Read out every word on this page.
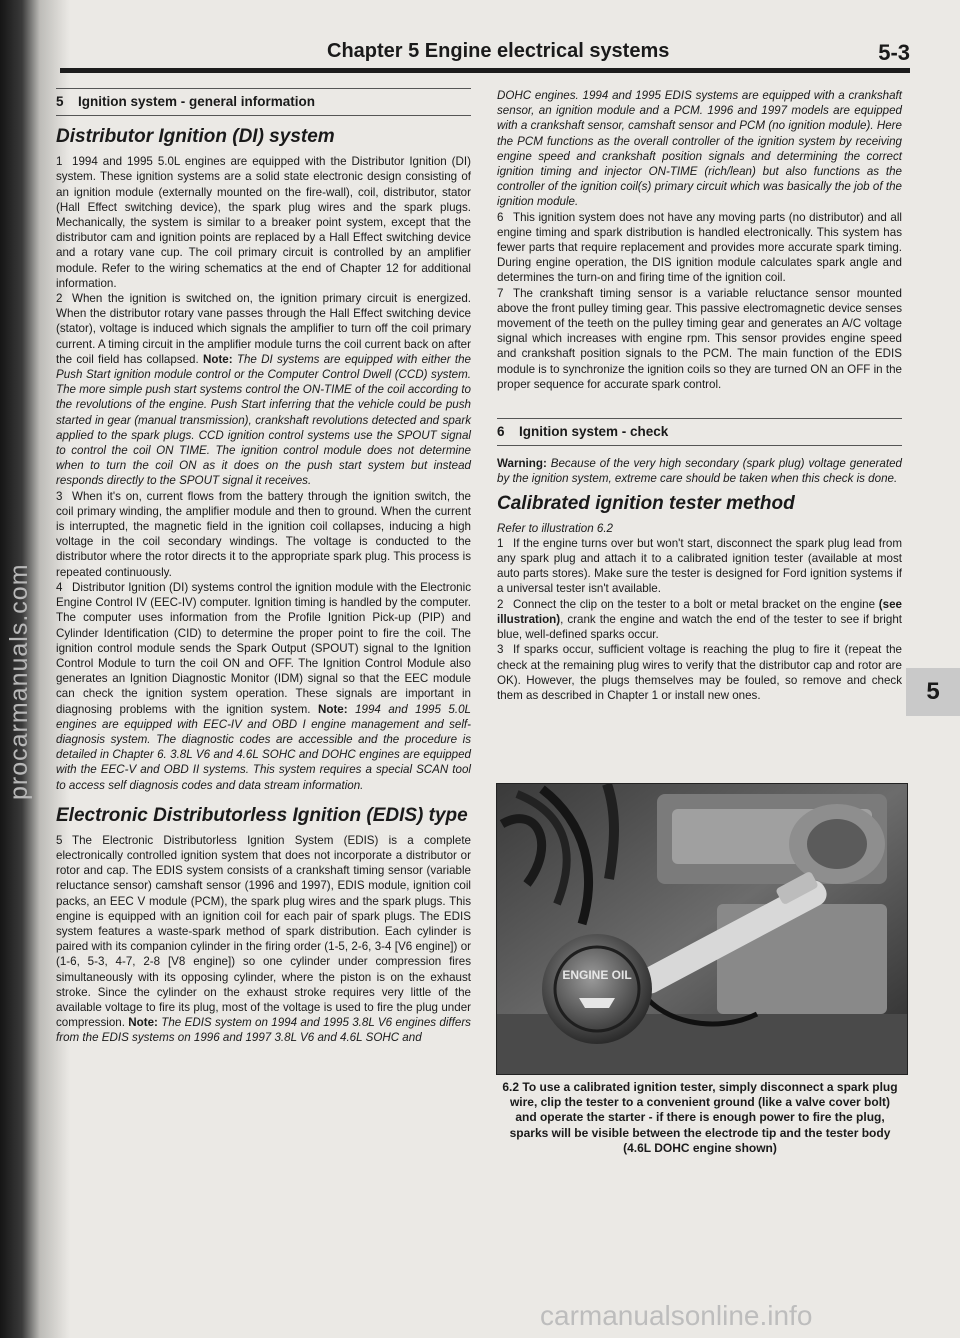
procarmanuals.com
Chapter 5 Engine electrical systems	5-3
5 Ignition system - general information
Distributor Ignition (DI) system

1 1994 and 1995 5.0L engines are equipped with the Distributor Ignition (DI) system. These ignition systems are a solid state electronic design consisting of an ignition module (externally mounted on the fire-wall), coil, distributor, stator (Hall Effect switching device), the spark plug wires and the spark plugs. Mechanically, the system is similar to a breaker point system, except that the distributor cam and ignition points are replaced by a Hall Effect switching device and a rotary vane cup. The coil primary circuit is controlled by an amplifier module. Refer to the wiring schematics at the end of Chapter 12 for additional information.

2 When the ignition is switched on, the ignition primary circuit is energized. When the distributor rotary vane passes through the Hall Effect switching device (stator), voltage is induced which signals the amplifier to turn off the coil primary current. A timing circuit in the amplifier module turns the coil current back on after the coil field has collapsed. Note: The DI systems are equipped with either the Push Start ignition module control or the Computer Control Dwell (CCD) system. The more simple push start systems control the ON-TIME of the coil according to the revolutions of the engine. Push Start inferring that the vehicle could be push started in gear (manual transmission), crankshaft revolutions detected and spark applied to the spark plugs. CCD ignition control systems use the SPOUT signal to control the coil ON TIME. The ignition control module does not determine when to turn the coil ON as it does on the push start system but instead responds directly to the SPOUT signal it receives.

3 When it's on, current flows from the battery through the ignition switch, the coil primary winding, the amplifier module and then to ground. When the current is interrupted, the magnetic field in the ignition coil collapses, inducing a high voltage in the coil secondary windings. The voltage is conducted to the distributor where the rotor directs it to the appropriate spark plug. This process is repeated continuously.

4 Distributor Ignition (DI) systems control the ignition module with the Electronic Engine Control IV (EEC-IV) computer. Ignition timing is handled by the computer. The computer uses information from the Profile Ignition Pick-up (PIP) and Cylinder Identification (CID) to determine the proper point to fire the coil. The ignition control module sends the Spark Output (SPOUT) signal to the Ignition Control Module to turn the coil ON and OFF. The Ignition Control Module also generates an Ignition Diagnostic Monitor (IDM) signal so that the EEC module can check the ignition system operation. These signals are important in diagnosing problems with the ignition system. Note: 1994 and 1995 5.0L engines are equipped with EEC-IV and OBD I engine management and self-diagnosis system. The diagnostic codes are accessible and the procedure is detailed in Chapter 6. 3.8L V6 and 4.6L SOHC and DOHC engines are equipped with the EEC-V and OBD II systems. This system requires a special SCAN tool to access self diagnosis codes and data stream information.

Electronic Distributorless Ignition (EDIS) type

5 The Electronic Distributorless Ignition System (EDIS) is a complete electronically controlled ignition system that does not incorporate a distributor or rotor and cap. The EDIS system consists of a crankshaft timing sensor (variable reluctance sensor) camshaft sensor (1996 and 1997), EDIS module, ignition coil packs, an EEC V module (PCM), the spark plug wires and the spark plugs. This engine is equipped with an ignition coil for each pair of spark plugs. The EDIS system features a waste-spark method of spark distribution. Each cylinder is paired with its companion cylinder in the firing order (1-5, 2-6, 3-4 [V6 engine]) or (1-6, 5-3, 4-7, 2-8 [V8 engine]) so one cylinder under compression fires simultaneously with its opposing cylinder, where the piston is on the exhaust stroke. Since the cylinder on the exhaust stroke requires very little of the available voltage to fire its plug, most of the voltage is used to fire the plug under compression. Note: The EDIS system on 1994 and 1995 3.8L V6 engines differs from the EDIS systems on 1996 and 1997 3.8L V6 and 4.6L SOHC and

DOHC engines. 1994 and 1995 EDIS systems are equipped with a crankshaft sensor, an ignition module and a PCM. 1996 and 1997 models are equipped with a crankshaft sensor, camshaft sensor and PCM (no ignition module). Here the PCM functions as the overall controller of the ignition system by receiving engine speed and crankshaft position signals and determining the correct ignition timing and injector ON-TIME (rich/lean) but also functions as the controller of the ignition coil(s) primary circuit which was basically the job of the ignition module.

6 This ignition system does not have any moving parts (no distributor) and all engine timing and spark distribution is handled electronically. This system has fewer parts that require replacement and provides more accurate spark timing. During engine operation, the DIS ignition module calculates spark angle and determines the turn-on and firing time of the ignition coil.

7 The crankshaft timing sensor is a variable reluctance sensor mounted above the front pulley timing gear. This passive electromagnetic device senses movement of the teeth on the pulley timing gear and generates an A/C voltage signal which increases with engine rpm. This sensor provides engine speed and crankshaft position signals to the PCM. The main function of the EDIS module is to synchronize the ignition coils so they are turned ON an OFF in the proper sequence for accurate spark control.

6 Ignition system - check

Warning: Because of the very high secondary (spark plug) voltage generated by the ignition system, extreme care should be taken when this check is done.

Calibrated ignition tester method

Refer to illustration 6.2

1 If the engine turns over but won't start, disconnect the spark plug lead from any spark plug and attach it to a calibrated ignition tester (available at most auto parts stores). Make sure the tester is designed for Ford ignition systems if a universal tester isn't available.

2 Connect the clip on the tester to a bolt or metal bracket on the engine (see illustration), crank the engine and watch the end of the tester to see if bright blue, well-defined sparks occur.

3 If sparks occur, sufficient voltage is reaching the plug to fire it (repeat the check at the remaining plug wires to verify that the distributor cap and rotor are OK). However, the plugs themselves may be fouled, so remove and check them as described in Chapter 1 or install new ones.	5
ENGINE OIL
6.2 To use a calibrated ignition tester, simply disconnect a spark plug wire, clip the tester to a convenient ground (like a valve cover bolt) and operate the starter - if there is enough power to fire the plug, sparks will be visible between the electrode tip and the tester body (4.6L DOHC engine shown)
carmanualsonline.info
